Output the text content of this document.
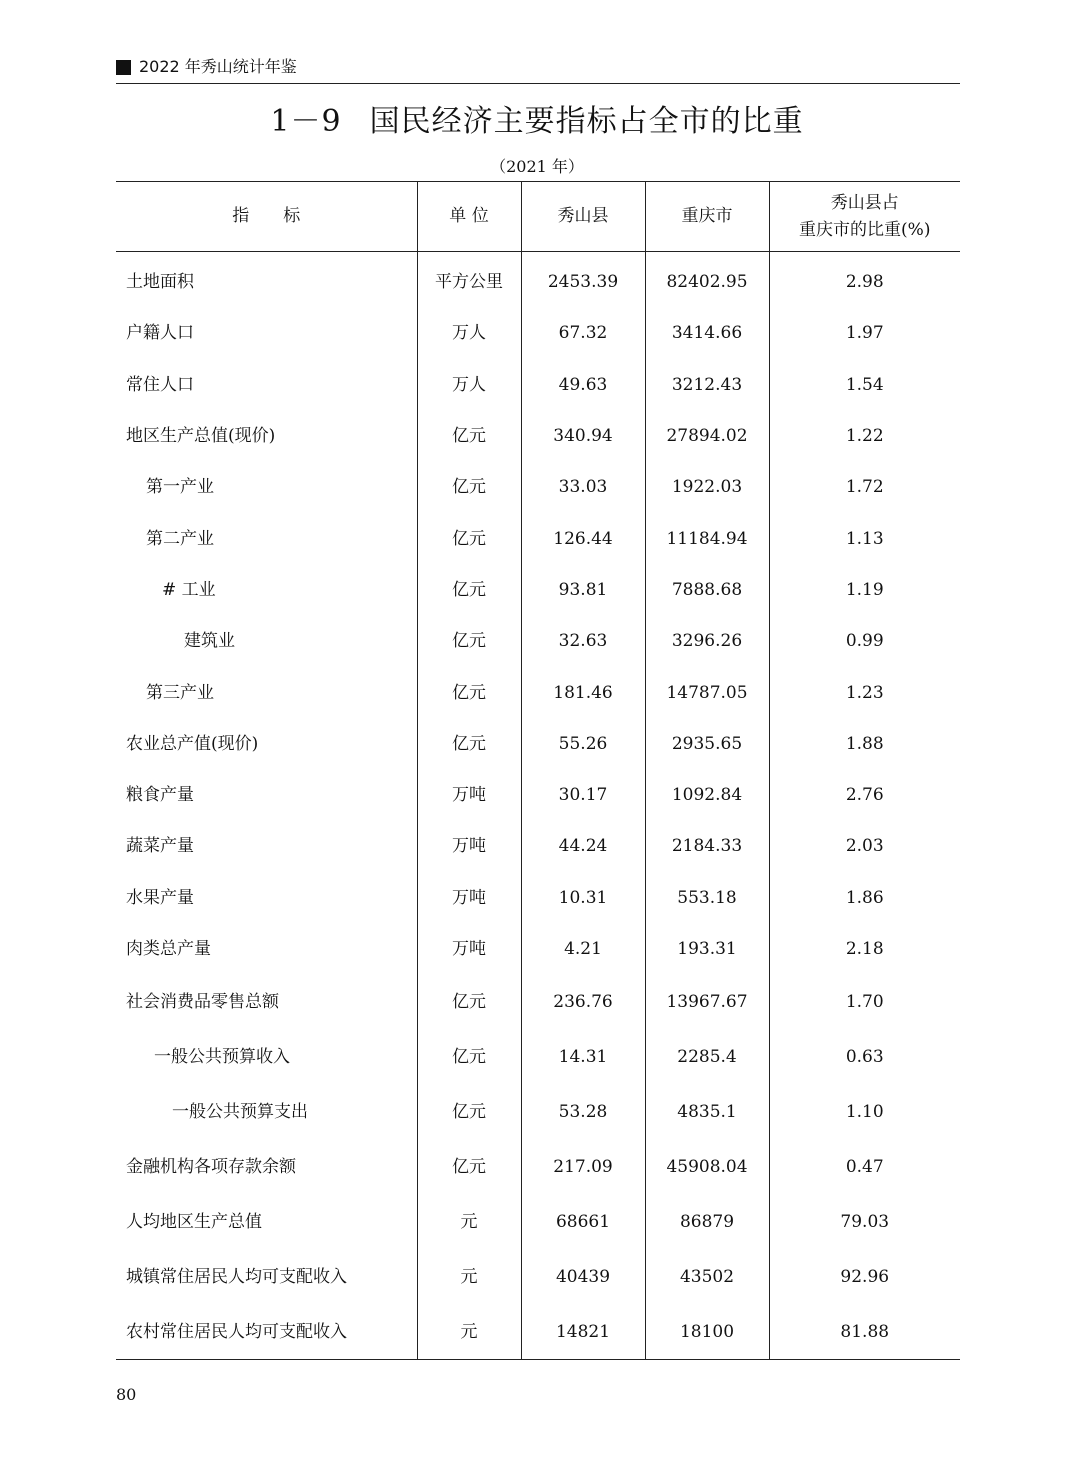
2022 年秀山统计年鉴
1－9 国民经济主要指标占全市的比重
（2021 年）
指　　标	单 位	秀山县	重庆市	秀山县占
重庆市的比重(%)

土地面积	平方公里	2453.39	82402.95	2.98
户籍人口	万人	67.32	3414.66	1.97
常住人口	万人	49.63	3212.43	1.54
地区生产总值(现价)	亿元	340.94	27894.02	1.22
第一产业	亿元	33.03	1922.03	1.72
第二产业	亿元	126.44	11184.94	1.13
# 工业	亿元	93.81	7888.68	1.19
建筑业	亿元	32.63	3296.26	0.99
第三产业	亿元	181.46	14787.05	1.23
农业总产值(现价)	亿元	55.26	2935.65	1.88
粮食产量	万吨	30.17	1092.84	2.76
蔬菜产量	万吨	44.24	2184.33	2.03
水果产量	万吨	10.31	553.18	1.86
肉类总产量	万吨	4.21	193.31	2.18
社会消费品零售总额	亿元	236.76	13967.67	1.70
一般公共预算收入	亿元	14.31	2285.4	0.63
一般公共预算支出	亿元	53.28	4835.1	1.10
金融机构各项存款余额	亿元	217.09	45908.04	0.47
人均地区生产总值	元	68661	86879	79.03
城镇常住居民人均可支配收入	元	40439	43502	92.96
农村常住居民人均可支配收入	元	14821	18100	81.88
80
